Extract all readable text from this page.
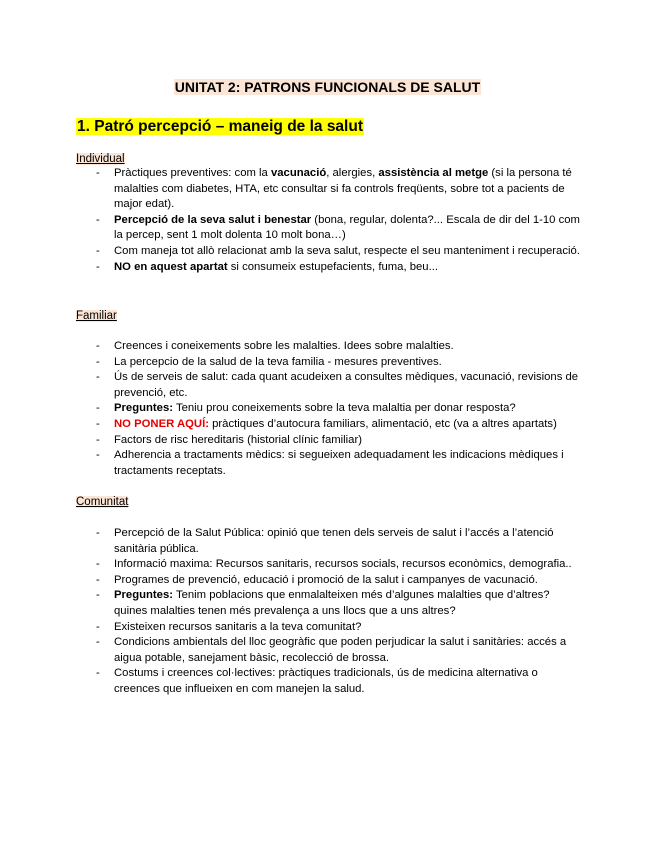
UNITAT 2: PATRONS FUNCIONALS DE SALUT
1. Patró percepció – maneig de la salut
Individual
- Pràctiques preventives: com la vacunació, alergies, assistència al metge (si la persona té malalties com diabetes, HTA, etc consultar si fa controls freqüents, sobre tot a pacients de major edat).
- Percepció de la seva salut i benestar (bona, regular, dolenta?... Escala de dir del 1-10 com la percep, sent 1 molt dolenta 10 molt bona…)
- Com maneja tot allò relacionat amb la seva salut, respecte el seu manteniment i recuperació.
- NO en aquest apartat si consumeix estupefacients, fuma, beu...
Familiar
- Creences i coneixements sobre les malalties. Idees sobre malalties.
- La percepcio de la salud de la teva familia - mesures preventives.
- Ús de serveis de salut: cada quant acudeixen a consultes mèdiques, vacunació, revisions de prevenció, etc.
- Preguntes: Teniu prou coneixements sobre la teva malaltia per donar resposta?
- NO PONER AQUÍ: pràctiques d’autocura familiars, alimentació, etc (va a altres apartats)
- Factors de risc hereditaris (historial clínic familiar)
- Adherencia a tractaments mèdics: si segueixen adequadament les indicacions mèdiques i tractaments receptats.
Comunitat
- Percepció de la Salut Pública: opinió que tenen dels serveis de salut i l’accés a l’atenció sanitària pública.
- Informació maxima: Recursos sanitaris, recursos socials, recursos econòmics, demografia..
- Programes de prevenció, educació i promoció de la salut i campanyes de vacunació.
- Preguntes: Tenim poblacions que enmalalteixen més d’algunes malalties que d’altres? quines malalties tenen més prevalença a uns llocs que a uns altres?
- Existeixen recursos sanitaris a la teva comunitat?
- Condicions ambientals del lloc geogràfic que poden perjudicar la salut i sanitàries: accés a aigua potable, sanejament bàsic, recolecció de brossa.
- Costums i creences col·lectives: pràctiques tradicionals, ús de medicina alternativa o creences que influeixen en com manejen la salud.
